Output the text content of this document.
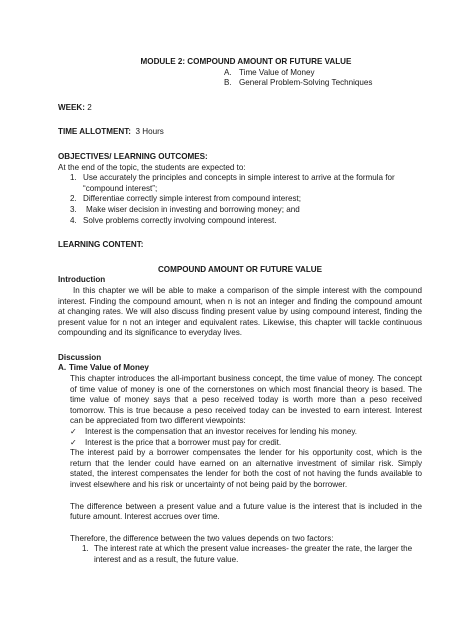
MODULE 2: COMPOUND AMOUNT OR FUTURE VALUE

A. Time Value of Money

B. General Problem-Solving Techniques

WEEK: 2

TIME ALLOTMENT: 3 Hours

OBJECTIVES/ LEARNING OUTCOMES:

At the end of the topic, the students are expected to:

1. Use accurately the principles and concepts in simple interest to arrive at the formula for “compound interest”;
2. Differentiae correctly simple interest from compound interest;
3.	Make wiser decision in investing and borrowing money; and
4. Solve problems correctly involving compound interest.

LEARNING CONTENT:

COMPOUND AMOUNT OR FUTURE VALUE

Introduction

In this chapter we will be able to make a comparison of the simple interest with the compound interest. Finding the compound amount, when n is not an integer and finding the compound amount at changing rates. We will also discuss finding present value by using compound interest, finding the present value for n not an integer and equivalent rates. Likewise, this chapter will tackle continuous compounding and its significance to everyday lives.

Discussion

A. Time Value of Money

This chapter introduces the all-important business concept, the time value of money. The concept of time value of money is one of the cornerstones on which most financial theory is based. The time value of money says that a peso received today is worth more than a peso received tomorrow. This is true because a peso received today can be invested to earn interest. Interest can be appreciated from two different viewpoints:

✓	Interest is the compensation that an investor receives for lending his money.
✓	Interest is the price that a borrower must pay for credit.

The interest paid by a borrower compensates the lender for his opportunity cost, which is the return that the lender could have earned on an alternative investment of similar risk. Simply stated, the interest compensates the lender for both the cost of not having the funds available to invest elsewhere and his risk or uncertainty of not being paid by the borrower.

The difference between a present value and a future value is the interest that is included in the future amount. Interest accrues over time.

Therefore, the difference between the two values depends on two factors:

1. The interest rate at which the present value increases- the greater the rate, the larger the interest and as a result, the future value.
